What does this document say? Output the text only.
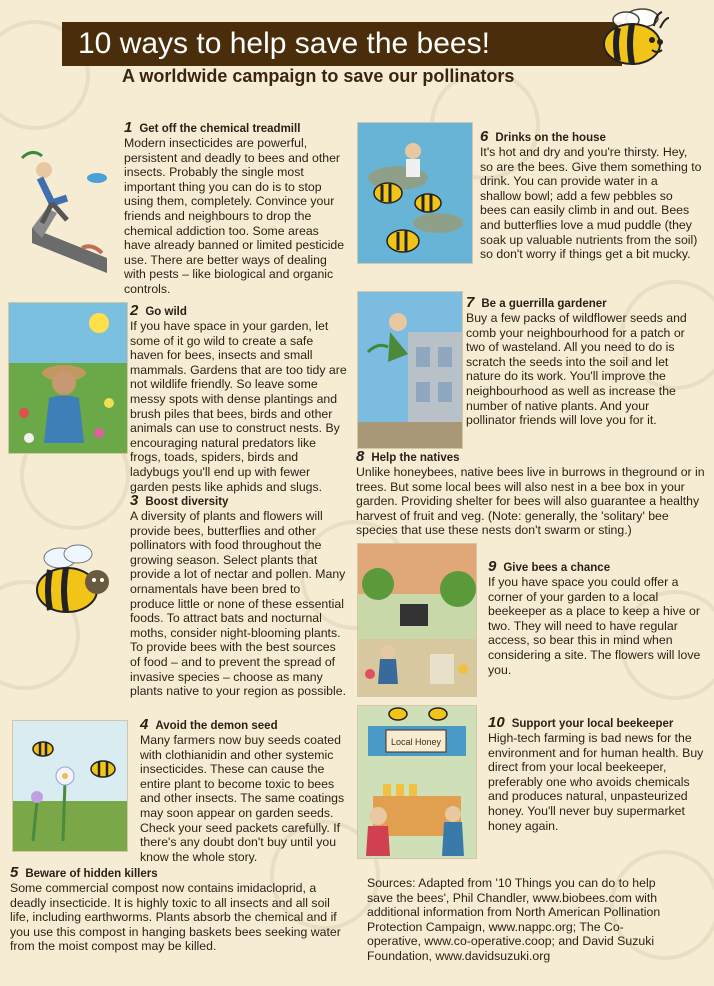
10 ways to help save the bees!
A worldwide campaign to save our pollinators
Local Honey
1 Get off the chemical treadmill

Modern insecticides are powerful, persistent and deadly to bees and other insects. Probably the single most important thing you can do is to stop using them, completely. Convince your friends and neighbours to drop the chemical addiction too. Some areas have already banned or limited pesticide use. There are better ways of dealing with pests – like biological and organic controls.

6 Drinks on the house

It's hot and dry and you're thirsty. Hey, so are the bees. Give them something to drink. You can provide water in a shallow bowl; add a few pebbles so bees can easily climb in and out. Bees and butterflies love a mud puddle (they soak up valuable nutrients from the soil) so don't worry if things get a bit mucky.

2 Go wild

If you have space in your garden, let some of it go wild to create a safe haven for bees, insects and small mammals. Gardens that are too tidy are not wildlife friendly. So leave some messy spots with dense plantings and brush piles that bees, birds and other animals can use to construct nests. By encouraging natural predators like frogs, toads, spiders, birds and ladybugs you'll end up with fewer garden pests like aphids and slugs.

7 Be a guerrilla gardener

Buy a few packs of wildflower seeds and comb your neighbourhood for a patch or two of wasteland. All you need to do is scratch the seeds into the soil and let nature do its work. You'll improve the neighbourhood as well as increase the number of native plants. And your pollinator friends will love you for it.

8 Help the natives

Unlike honeybees, native bees live in burrows in theground or in trees. But some local bees will also nest in a bee box in your garden. Providing shelter for bees will also guarantee a healthy harvest of fruit and veg. (Note: generally, the 'solitary' bee species that use these nests don't swarm or sting.)

3 Boost diversity

A diversity of plants and flowers will provide bees, butterflies and other pollinators with food throughout the growing season. Select plants that provide a lot of nectar and pollen. Many ornamentals have been bred to produce little or none of these essential foods. To attract bats and nocturnal moths, consider night-blooming plants. To provide bees with the best sources of food – and to prevent the spread of invasive species – choose as many plants native to your region as possible.

9 Give bees a chance

If you have space you could offer a corner of your garden to a local beekeeper as a place to keep a hive or two. They will need to have regular access, so bear this in mind when considering a site. The flowers will love you.

4 Avoid the demon seed

Many farmers now buy seeds coated with clothianidin and other systemic insecticides. These can cause the entire plant to become toxic to bees and other insects. The same coatings may soon appear on garden seeds. Check your seed packets carefully. If there's any doubt don't buy until you know the whole story.

10 Support your local beekeeper

High-tech farming is bad news for the environment and for human health. Buy direct from your local beekeeper, preferably one who avoids chemicals and produces natural, unpasteurized honey. You'll never buy supermarket honey again.

5 Beware of hidden killers

Some commercial compost now contains imidacloprid, a deadly insecticide. It is highly toxic to all insects and all soil life, including earthworms. Plants absorb the chemical and if you use this compost in hanging baskets bees seeking water from the moist compost may be killed.

Sources: Adapted from '10 Things you can do to help save the bees', Phil Chandler, www.biobees.com with additional information from North American Pollination Protection Campaign, www.nappc.org; The Co-operative, www.co-operative.coop; and David Suzuki Foundation, www.davidsuzuki.org
